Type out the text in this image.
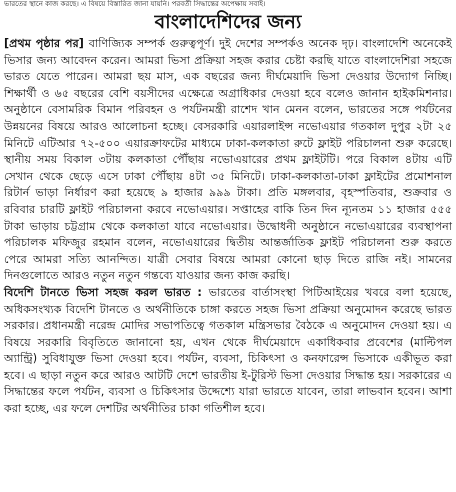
ভারতের স্থানে কাজ করছে। এ বিষয়ে বিস্তারিত জানা যায়নি। পরবর্তী সিদ্ধান্তের অপেক্ষায় সবাই।
বাংলাদেশিদের জন্য

[প্রথম পৃষ্ঠার পর] বাণিজ্যিক সম্পর্ক গুরুত্বপূর্ণ। দুই দেশের সম্পর্কও অনেক দৃঢ়। বাংলাদেশি অনেকেই ভিসার জন্য আবেদন করেন। আমরা ভিসা প্রক্রিয়া সহজ করার চেষ্টা করছি যাতে বাংলাদেশিরা সহজে ভারত যেতে পারেন। আমরা ছয় মাস, এক বছরের জন্য দীর্ঘমেয়াদি ভিসা দেওয়ার উদ্যোগ নিচ্ছি। শিক্ষার্থী ও ৬৫ বছরের বেশি বয়সীদের এক্ষেত্রে অগ্রাধিকার দেওয়া হবে বলেও জানান হাইকমিশনার। অনুষ্ঠানে বেসামরিক বিমান পরিবহন ও পর্যটনমন্ত্রী রাশেদ খান মেনন বলেন, ভারতের সঙ্গে পর্যটনের উন্নয়নের বিষয়ে আরও আলোচনা হচ্ছে। বেসরকারি এয়ারলাইন্স নভোএয়ার গতকাল দুপুর ২টা ২৫ মিনিটে এটিআর ৭২-৫০০ এয়ারক্রাফটের মাধ্যমে ঢাকা-কলকাতা রুটে ফ্লাইট পরিচালনা শুরু করেছে। স্থানীয় সময় বিকাল ৩টায় কলকাতা পৌঁছায় নভোএয়ারের প্রথম ফ্লাইটটি। পরে বিকাল ৪টায় এটি সেখান থেকে ছেড়ে এসে ঢাকা পৌঁছায় ৪টা ৩৫ মিনিটে। ঢাকা-কলকাতা-ঢাকা ফ্লাইটের প্রমোশনাল রিটার্ন ভাড়া নির্ধারণ করা হয়েছে ৯ হাজার ৯৯৯ টাকা। প্রতি মঙ্গলবার, বৃহস্পতিবার, শুক্রবার ও রবিবার চারটি ফ্লাইট পরিচালনা করবে নভোএয়ার। সপ্তাহের বাকি তিন দিন ন্যূনতম ১১ হাজার ৫৫৫ টাকা ভাড়ায় চট্টগ্রাম থেকে কলকাতা যাবে নভোএয়ার। উদ্বোধনী অনুষ্ঠানে নভোএয়ারের ব্যবস্থাপনা পরিচালক মফিজুর রহমান বলেন, নভোএয়ারের দ্বিতীয় আন্তর্জাতিক ফ্লাইট পরিচালনা শুরু করতে পেরে আমরা সত্যি আনন্দিত। যাত্রী সেবার বিষয়ে আমরা কোনো ছাড় দিতে রাজি নই। সামনের দিনগুলোতে আরও নতুন নতুন গন্তব্যে যাওয়ার জন্য কাজ করছি।

বিদেশি টানতে ভিসা সহজ করল ভারত : ভারতের বার্তাসংস্থা পিটিআইয়ের খবরে বলা হয়েছে, অধিকসংখ্যক বিদেশি টানতে ও অর্থনীতিকে চাঙ্গা করতে সহজ ভিসা প্রক্রিয়া অনুমোদন করেছে ভারত সরকার। প্রধানমন্ত্রী নরেন্দ্র মোদির সভাপতিত্বে গতকাল মন্ত্রিসভার বৈঠকে এ অনুমোদন দেওয়া হয়। এ বিষয়ে সরকারি বিবৃতিতে জানানো হয়, এখন থেকে দীর্ঘমেয়াদে একাধিকবার প্রবেশের (মাল্টিপল অ্যান্ট্রি) সুবিধাযুক্ত ভিসা দেওয়া হবে। পর্যটন, ব্যবসা, চিকিৎসা ও কনফারেন্স ভিসাকে একীভূত করা হবে। এ ছাড়া নতুন করে আরও আটটি দেশে ভারতীয় ই-টুরিস্ট ভিসা দেওয়ার সিদ্ধান্ত হয়। সরকারের এ সিদ্ধান্তের ফলে পর্যটন, ব্যবসা ও চিকিৎসার উদ্দেশ্যে যারা ভারতে যাবেন, তারা লাভবান হবেন। আশা করা হচ্ছে, এর ফলে দেশটির অর্থনীতির চাকা গতিশীল হবে।
